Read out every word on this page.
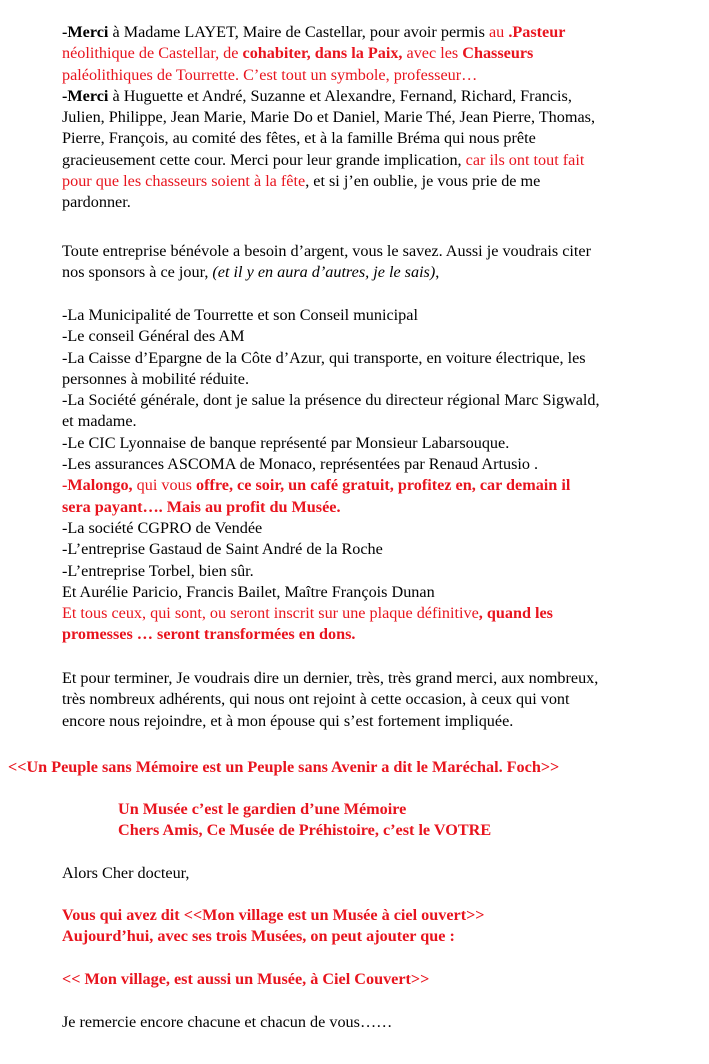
-Merci à Madame LAYET, Maire de Castellar, pour avoir permis au .Pasteur
néolithique de Castellar, de cohabiter, dans la Paix, avec les Chasseurs
paléolithiques de Tourrette. C’est tout un symbole, professeur…
-Merci à Huguette et André, Suzanne et Alexandre, Fernand, Richard, Francis,
Julien, Philippe, Jean Marie, Marie Do et Daniel, Marie Thé, Jean Pierre, Thomas,
Pierre, François, au comité des fêtes, et à la famille Bréma qui nous prête
gracieusement cette cour. Merci pour leur grande implication, car ils ont tout fait
pour que les chasseurs soient à la fête, et si j’en oublie, je vous prie de me
pardonner.
Toute entreprise bénévole a besoin d’argent, vous le savez. Aussi je voudrais citer
nos sponsors à ce jour, (et il y en aura d’autres, je le sais),
-La Municipalité de Tourrette et son Conseil municipal
-Le conseil Général des AM
-La Caisse d’Epargne de la Côte d’Azur, qui transporte, en voiture électrique, les
personnes à mobilité réduite.
-La Société générale, dont je salue la présence du directeur régional Marc Sigwald,
et madame.
-Le CIC Lyonnaise de banque représenté par Monsieur Labarsouque.
-Les assurances ASCOMA de Monaco, représentées par Renaud Artusio .
-Malongo, qui vous offre, ce soir, un café gratuit, profitez en, car demain il
sera payant…. Mais au profit du Musée.
-La société CGPRO de Vendée
-L’entreprise Gastaud de Saint André de la Roche
-L’entreprise Torbel, bien sûr.
Et Aurélie Paricio, Francis Bailet, Maître François Dunan
Et tous ceux, qui sont, ou seront inscrit sur une plaque définitive, quand les
promesses … seront transformées en dons.
Et pour terminer, Je voudrais dire un dernier, très, très grand merci, aux nombreux,
très nombreux adhérents, qui nous ont rejoint à cette occasion, à ceux qui vont
encore nous rejoindre, et à mon épouse qui s’est fortement impliquée.
<<Un Peuple sans Mémoire est un Peuple sans Avenir a dit le Maréchal. Foch>>
Un Musée c’est le gardien d’une Mémoire
Chers Amis, Ce Musée de Préhistoire, c’est le VOTRE
Alors Cher docteur,
Vous qui avez dit <<Mon village est un Musée à ciel ouvert>>
Aujourd’hui, avec ses trois Musées, on peut ajouter que :
<< Mon village, est aussi un Musée, à Ciel Couvert>>
Je remercie encore chacune et chacun de vous……
